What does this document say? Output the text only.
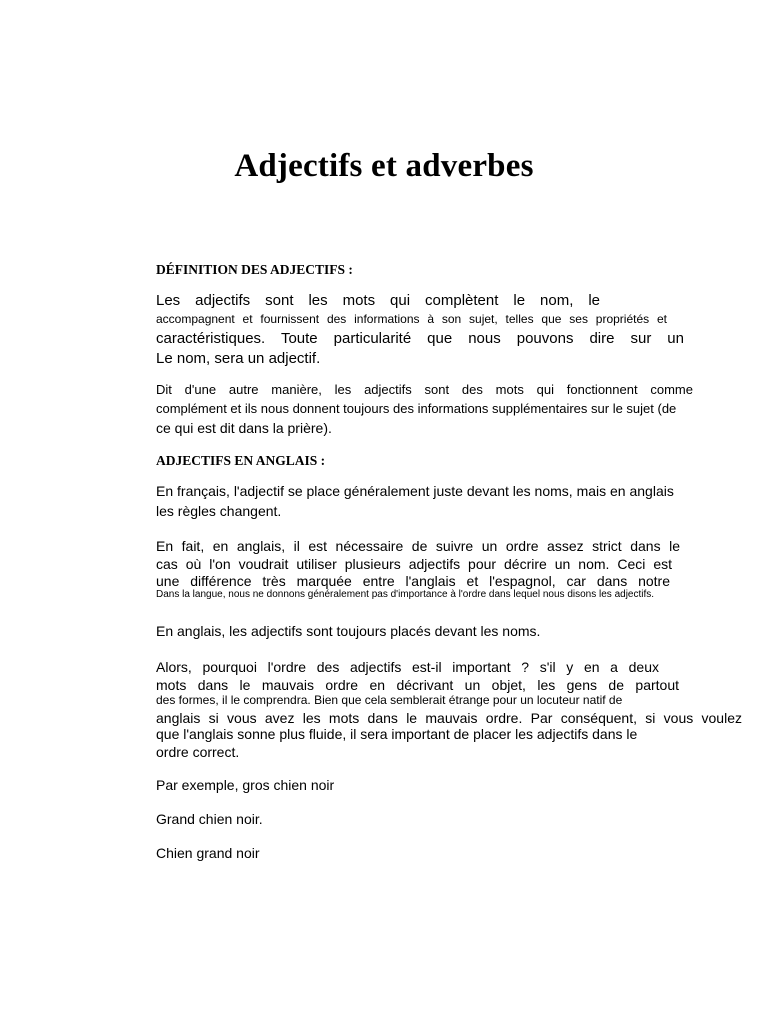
Adjectifs et adverbes
DÉFINITION DES ADJECTIFS :
Les adjectifs sont les mots qui complètent le nom, le
accompagnent et fournissent des informations à son sujet, telles que ses propriétés et
caractéristiques. Toute particularité que nous pouvons dire sur un
Le nom, sera un adjectif.
Dit d'une autre manière, les adjectifs sont des mots qui fonctionnent comme
complément et ils nous donnent toujours des informations supplémentaires sur le sujet (de
ce qui est dit dans la prière).
ADJECTIFS EN ANGLAIS :
En français, l'adjectif se place généralement juste devant les noms, mais en anglais
les règles changent.
En fait, en anglais, il est nécessaire de suivre un ordre assez strict dans le
cas où l'on voudrait utiliser plusieurs adjectifs pour décrire un nom. Ceci est
une différence très marquée entre l'anglais et l'espagnol, car dans notre
Dans la langue, nous ne donnons généralement pas d'importance à l'ordre dans lequel nous disons les adjectifs.
En anglais, les adjectifs sont toujours placés devant les noms.
Alors, pourquoi l'ordre des adjectifs est-il important ? s'il y en a deux
mots dans le mauvais ordre en décrivant un objet, les gens de partout
des formes, il le comprendra. Bien que cela semblerait étrange pour un locuteur natif de
anglais si vous avez les mots dans le mauvais ordre. Par conséquent, si vous voulez
que l'anglais sonne plus fluide, il sera important de placer les adjectifs dans le
ordre correct.
Par exemple, gros chien noir
Grand chien noir.
Chien grand noir
